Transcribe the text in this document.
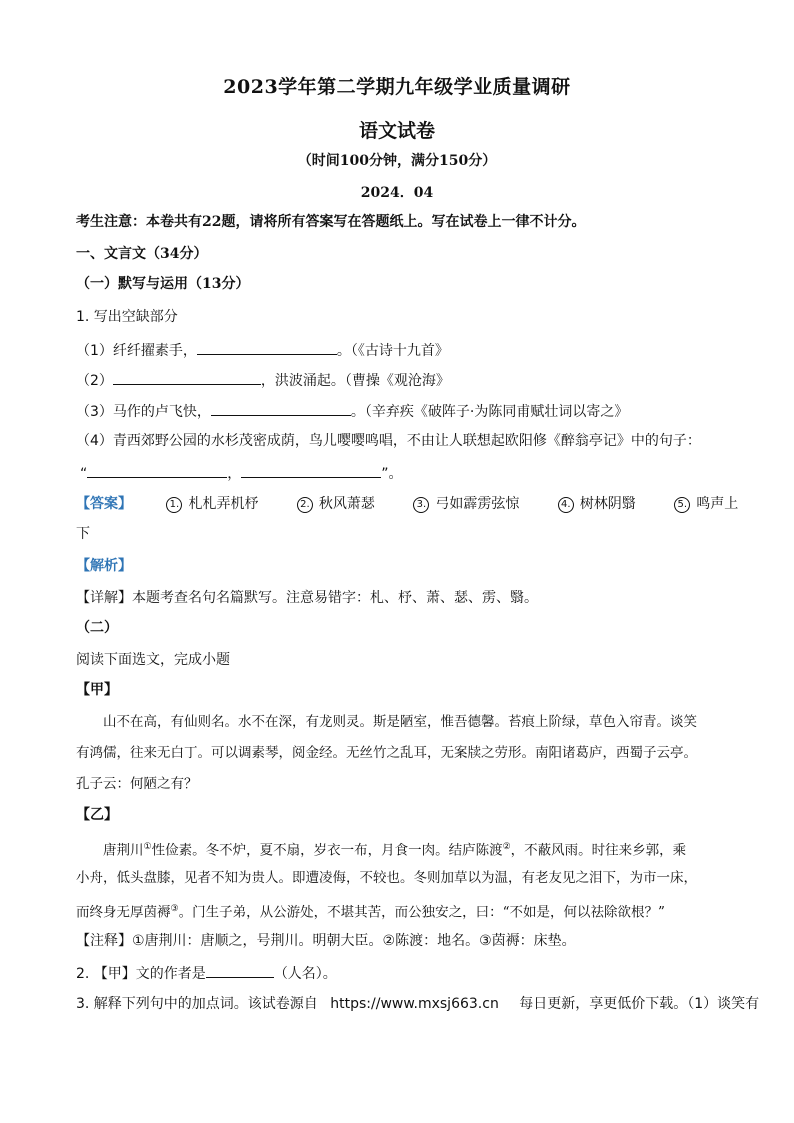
2023学年第二学期九年级学业质量调研
语文试卷
（时间100分钟，满分150分）
2024．04
考生注意：本卷共有22题，请将所有答案写在答题纸上。写在试卷上一律不计分。
一、文言文（34分）
（一）默写与运用（13分）
1. 写出空缺部分
（1）纤纤擢素手，	。（《古诗十九首》
（2）	，洪波涌起。（曹操《观沧海》
（3）马作的卢飞快，	。（辛弃疾《破阵子·为陈同甫赋壮词以寄之》
（4）青西郊野公园的水杉茂密成荫，鸟儿嘤嘤鸣唱，不由让人联想起欧阳修《醉翁亭记》中的句子：
“	，	”。
【答案】	1. 札札弄机杼	2. 秋风萧瑟	3. 弓如霹雳弦惊	4. 树林阴翳	5. 鸣声上
下
【解析】
【详解】本题考查名句名篇默写。注意易错字：札、杼、萧、瑟、雳、翳。
（二）
阅读下面选文，完成小题
【甲】
山不在高，有仙则名。水不在深，有龙则灵。斯是陋室，惟吾德馨。苔痕上阶绿，草色入帘青。谈笑
有鸿儒，往来无白丁。可以调素琴，阅金经。无丝竹之乱耳，无案牍之劳形。南阳诸葛庐，西蜀子云亭。
孔子云：何陋之有？
【乙】
唐荆川①性俭素。冬不炉，夏不扇，岁衣一布，月食一肉。结庐陈渡②，不蔽风雨。时往来乡郭，乘
小舟，低头盘膝，见者不知为贵人。即遭凌侮，不较也。冬则加草以为温，有老友见之泪下，为市一床，
而终身无厚茵褥③。门生子弟，从公游处，不堪其苦，而公独安之，曰：“不如是，何以祛除欲根？”
【注释】①唐荆川：唐顺之，号荆川。明朝大臣。②陈渡：地名。③茵褥：床垫。
2. 【甲】文的作者是	（人名）。
3. 解释下列句中的加点词。该试卷源自 https://www.mxsj663.cn 每日更新，享更低价下载。（1）谈笑有
